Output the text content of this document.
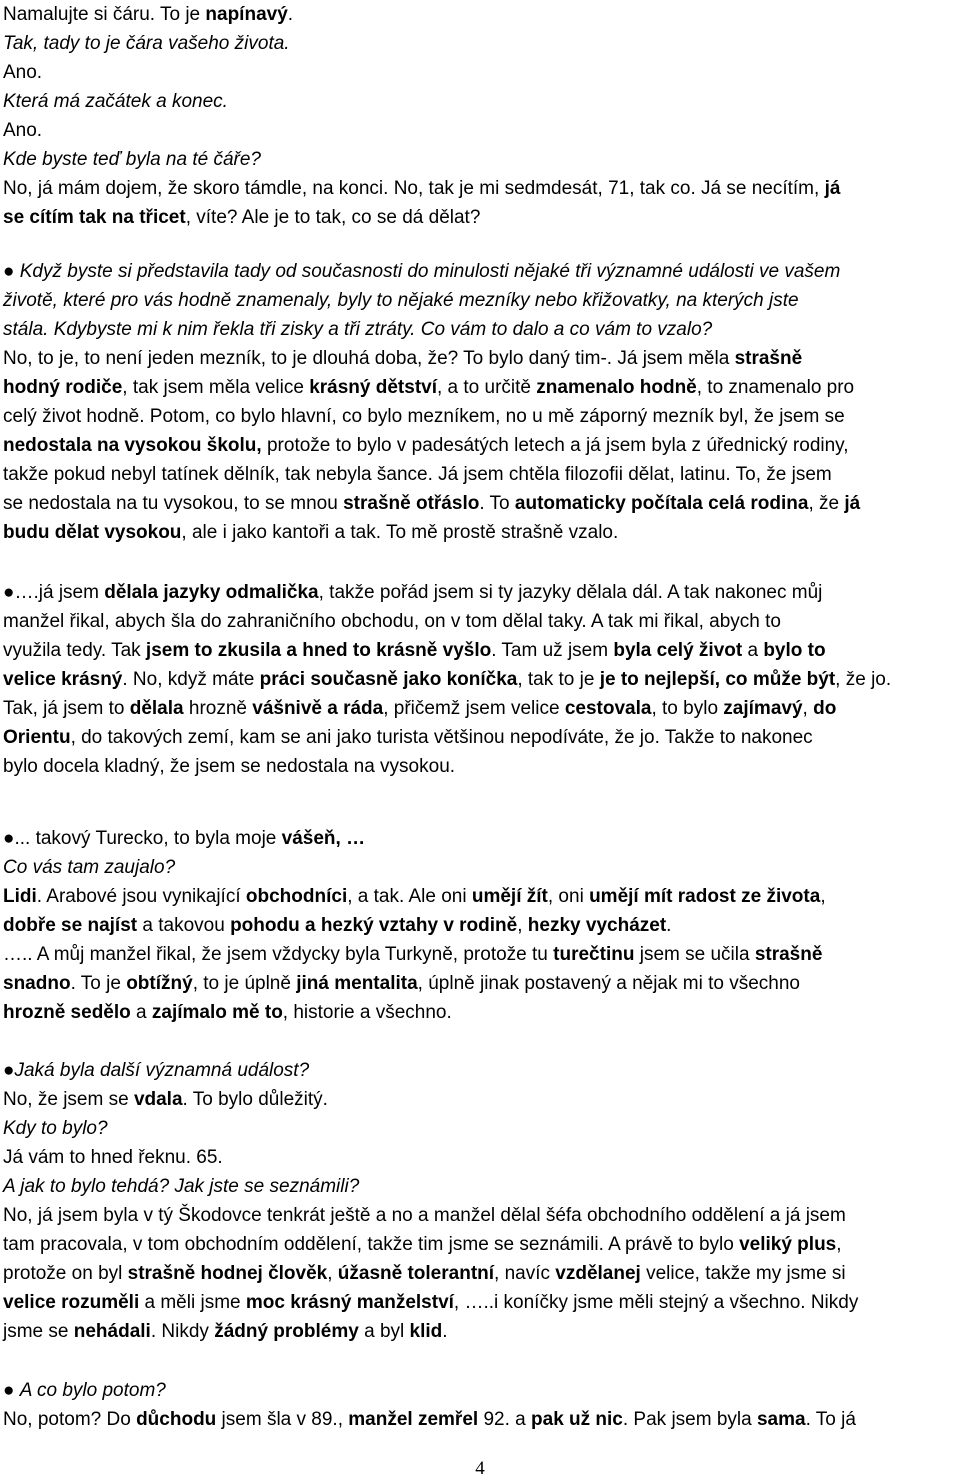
Namalujte si čáru. To je napínavý.
Tak, tady to je čára vašeho života.
Ano.
Která má začátek a konec.
Ano.
Kde byste teď byla na té čáře?
No, já mám dojem, že skoro támdle, na konci. No, tak je mi sedmdesát, 71, tak co. Já se necítím, já
se cítím tak na třicet, víte? Ale je to tak, co se dá dělat?
● Když byste si představila tady od současnosti do minulosti nějaké tři významné události ve vašem
životě, které pro vás hodně znamenaly, byly to nějaké mezníky nebo křižovatky, na kterých jste
stála. Kdybyste mi k nim řekla tři zisky a tři ztráty. Co vám to dalo a co vám to vzalo?
No, to je, to není jeden mezník, to je dlouhá doba, že? To bylo daný tim-. Já jsem měla strašně
hodný rodiče, tak jsem měla velice krásný dětství, a to určitě znamenalo hodně, to znamenalo pro
celý život hodně. Potom, co bylo hlavní, co bylo mezníkem, no u mě záporný mezník byl, že jsem se
nedostala na vysokou školu, protože to bylo v padesátých letech a já jsem byla z úřednický rodiny,
takže pokud nebyl tatínek dělník, tak nebyla šance. Já jsem chtěla filozofii dělat, latinu. To, že jsem
se nedostala na tu vysokou, to se mnou strašně otřáslo. To automaticky počítala celá rodina, že já
budu dělat vysokou, ale i jako kantoři a tak. To mě prostě strašně vzalo.
●….já jsem dělala jazyky odmalička, takže pořád jsem si ty jazyky dělala dál. A tak nakonec můj
manžel řikal, abych šla do zahraničního obchodu, on v tom dělal taky. A tak mi řikal, abych to
využila tedy. Tak jsem to zkusila a hned to krásně vyšlo. Tam už jsem byla celý život a bylo to
velice krásný. No, když máte práci současně jako koníčka, tak to je je to nejlepší, co může být, že jo.
Tak, já jsem to dělala hrozně vášnivě a ráda, přičemž jsem velice cestovala, to bylo zajímavý, do
Orientu, do takových zemí, kam se ani jako turista většinou nepodíváte, že jo. Takže to nakonec
bylo docela kladný, že jsem se nedostala na vysokou.
●... takový Turecko, to byla moje vášeň, …
Co vás tam zaujalo?
Lidi. Arabové jsou vynikající obchodníci, a tak. Ale oni umějí žít, oni umějí mít radost ze života,
dobře se najíst a takovou pohodu a hezký vztahy v rodině, hezky vycházet.
….. A můj manžel řikal, že jsem vždycky byla Turkyně, protože tu turečtinu jsem se učila strašně
snadno. To je obtížný, to je úplně jiná mentalita, úplně jinak postavený a nějak mi to všechno
hrozně sedělo a zajímalo mě to, historie a všechno.
●Jaká byla další významná událost?
No, že jsem se vdala. To bylo důležitý.
Kdy to bylo?
Já vám to hned řeknu. 65.
A jak to bylo tehdá? Jak jste se seznámili?
No, já jsem byla v tý Škodovce tenkrát ještě a no a manžel dělal šéfa obchodního oddělení a já jsem
tam pracovala, v tom obchodním oddělení, takže tim jsme se seznámili. A právě to bylo veliký plus,
protože on byl strašně hodnej člověk, úžasně tolerantní, navíc vzdělanej velice, takže my jsme si
velice rozuměli a měli jsme moc krásný manželství, …..i koníčky jsme měli stejný a všechno. Nikdy
jsme se nehádali. Nikdy žádný problémy a byl klid.
● A co bylo potom?
No, potom? Do důchodu jsem šla v 89., manžel zemřel 92. a pak už nic. Pak jsem byla sama. To já
4
